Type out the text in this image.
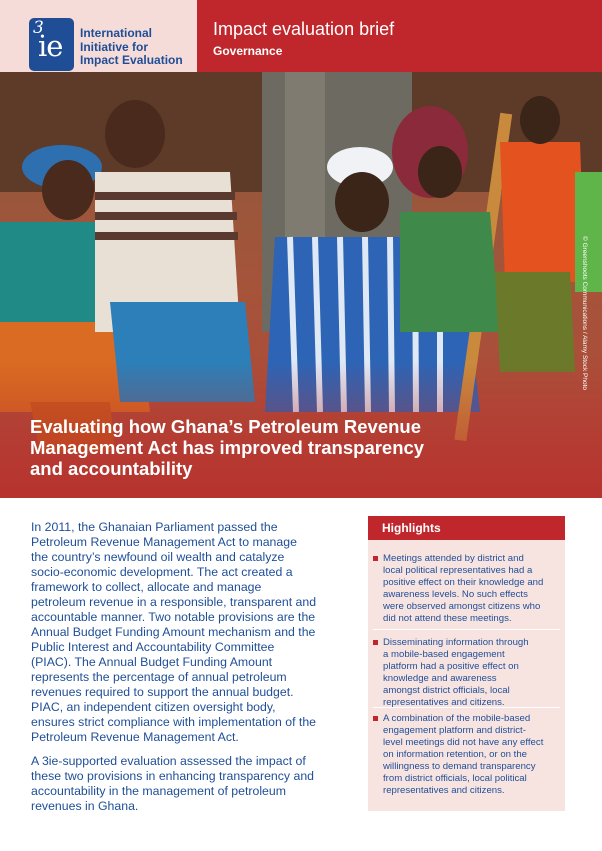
3
ie International
Initiative for
Impact Evaluation
Impact evaluation brief
Governance
© Greenshoots Communications / Alamy Stock Photo
Evaluating how Ghana’s Petroleum Revenue
Management Act has improved transparency
and accountability

In 2011, the Ghanaian Parliament passed the
Petroleum Revenue Management Act to manage
the country’s newfound oil wealth and catalyze
socio-economic development. The act created a
framework to collect, allocate and manage
petroleum revenue in a responsible, transparent and
accountable manner. Two notable provisions are the
Annual Budget Funding Amount mechanism and the
Public Interest and Accountability Committee
(PIAC). The Annual Budget Funding Amount
represents the percentage of annual petroleum
revenues required to support the annual budget.
PIAC, an independent citizen oversight body,
ensures strict compliance with implementation of the
Petroleum Revenue Management Act.

A 3ie-supported evaluation assessed the impact of
these two provisions in enhancing transparency and
accountability in the management of petroleum
revenues in Ghana.

Highlights
Meetings attended by district and
local political representatives had a
positive effect on their knowledge and
awareness levels. No such effects
were observed amongst citizens who
did not attend these meetings.
Disseminating information through
a mobile-based engagement
platform had a positive effect on
knowledge and awareness
amongst district officials, local
representatives and citizens.
A combination of the mobile-based
engagement platform and district-
level meetings did not have any effect
on information retention, or on the
willingness to demand transparency
from district officials, local political
representatives and citizens.
